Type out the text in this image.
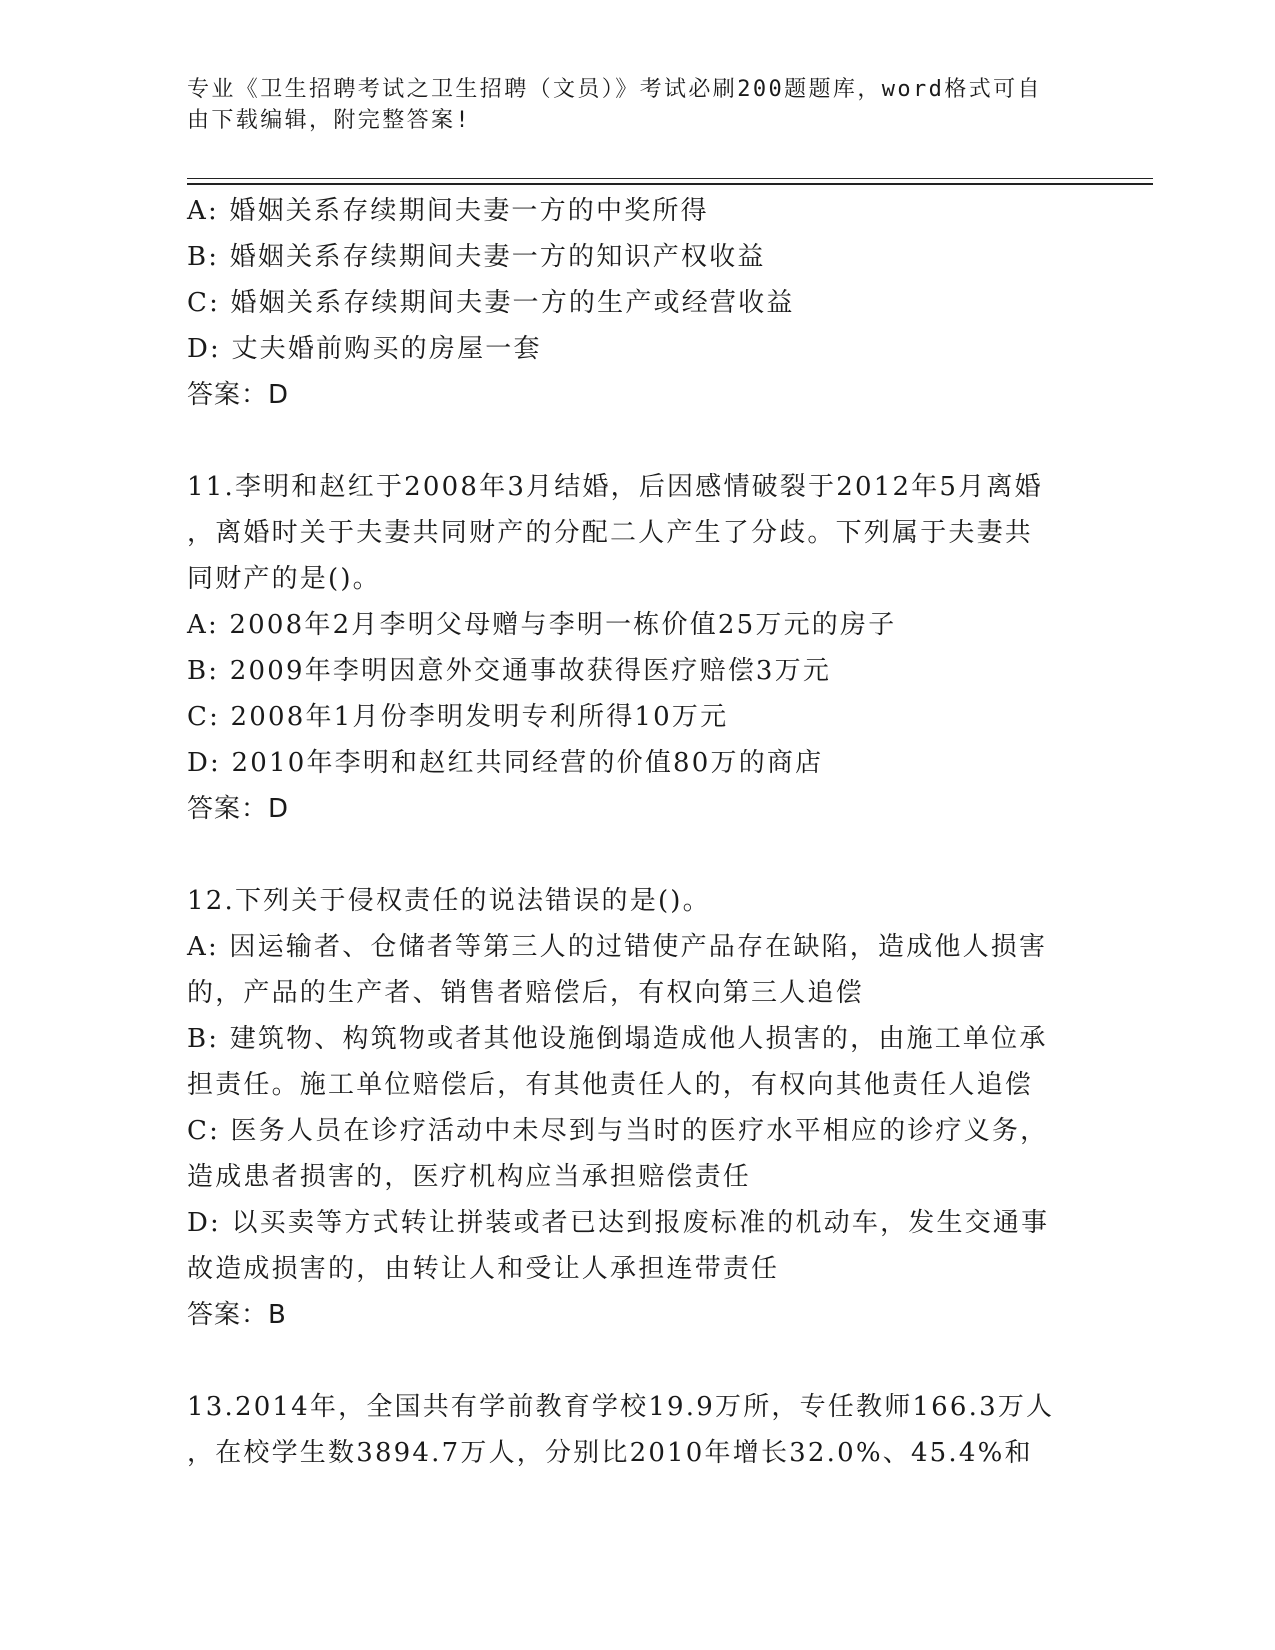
专业《卫生招聘考试之卫生招聘（文员）》考试必刷200题题库，word格式可自
由下载编辑，附完整答案!
A: 婚姻关系存续期间夫妻一方的中奖所得
B: 婚姻关系存续期间夫妻一方的知识产权收益
C: 婚姻关系存续期间夫妻一方的生产或经营收益
D: 丈夫婚前购买的房屋一套
答案：D
11.李明和赵红于2008年3月结婚，后因感情破裂于2012年5月离婚
，离婚时关于夫妻共同财产的分配二人产生了分歧。下列属于夫妻共
同财产的是()。
A: 2008年2月李明父母赠与李明一栋价值25万元的房子
B: 2009年李明因意外交通事故获得医疗赔偿3万元
C: 2008年1月份李明发明专利所得10万元
D: 2010年李明和赵红共同经营的价值80万的商店
答案：D
12.下列关于侵权责任的说法错误的是()。
A: 因运输者、仓储者等第三人的过错使产品存在缺陷，造成他人损害
的，产品的生产者、销售者赔偿后，有权向第三人追偿
B: 建筑物、构筑物或者其他设施倒塌造成他人损害的，由施工单位承
担责任。施工单位赔偿后，有其他责任人的，有权向其他责任人追偿
C: 医务人员在诊疗活动中未尽到与当时的医疗水平相应的诊疗义务，
造成患者损害的，医疗机构应当承担赔偿责任
D: 以买卖等方式转让拼装或者已达到报废标准的机动车，发生交通事
故造成损害的，由转让人和受让人承担连带责任
答案：B
13.2014年，全国共有学前教育学校19.9万所，专任教师166.3万人
，在校学生数3894.7万人，分别比2010年增长32.0%、45.4%和
